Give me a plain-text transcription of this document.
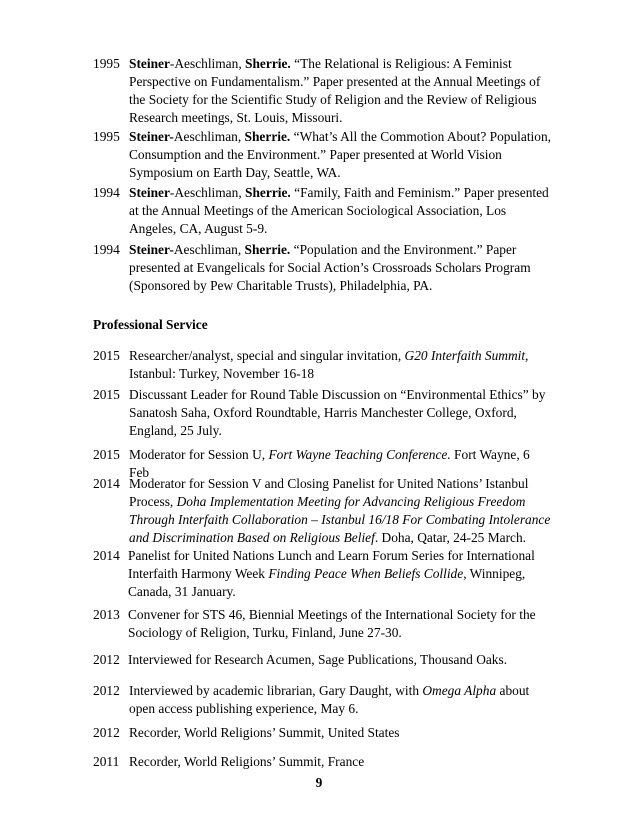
1995 Steiner-Aeschliman, Sherrie. “The Relational is Religious: A Feminist Perspective on Fundamentalism.” Paper presented at the Annual Meetings of the Society for the Scientific Study of Religion and the Review of Religious Research meetings, St. Louis, Missouri.
1995 Steiner-Aeschliman, Sherrie. “What’s All the Commotion About? Population, Consumption and the Environment.” Paper presented at World Vision Symposium on Earth Day, Seattle, WA.
1994 Steiner-Aeschliman, Sherrie. “Family, Faith and Feminism.” Paper presented at the Annual Meetings of the American Sociological Association, Los Angeles, CA, August 5-9.
1994 Steiner-Aeschliman, Sherrie. “Population and the Environment.” Paper presented at Evangelicals for Social Action’s Crossroads Scholars Program (Sponsored by Pew Charitable Trusts), Philadelphia, PA.
Professional Service
2015 Researcher/analyst, special and singular invitation, G20 Interfaith Summit, Istanbul: Turkey, November 16-18
2015 Discussant Leader for Round Table Discussion on “Environmental Ethics” by Sanatosh Saha, Oxford Roundtable, Harris Manchester College, Oxford, England, 25 July.
2015 Moderator for Session U, Fort Wayne Teaching Conference. Fort Wayne, 6 Feb
2014 Moderator for Session V and Closing Panelist for United Nations’ Istanbul Process, Doha Implementation Meeting for Advancing Religious Freedom Through Interfaith Collaboration – Istanbul 16/18 For Combating Intolerance and Discrimination Based on Religious Belief. Doha, Qatar, 24-25 March.
2014 Panelist for United Nations Lunch and Learn Forum Series for International Interfaith Harmony Week Finding Peace When Beliefs Collide, Winnipeg, Canada, 31 January.
2013 Convener for STS 46, Biennial Meetings of the International Society for the Sociology of Religion, Turku, Finland, June 27-30.
2012 Interviewed for Research Acumen, Sage Publications, Thousand Oaks.
2012 Interviewed by academic librarian, Gary Daught, with Omega Alpha about open access publishing experience, May 6.
2012 Recorder, World Religions’ Summit, United States
2011 Recorder, World Religions’ Summit, France
9
